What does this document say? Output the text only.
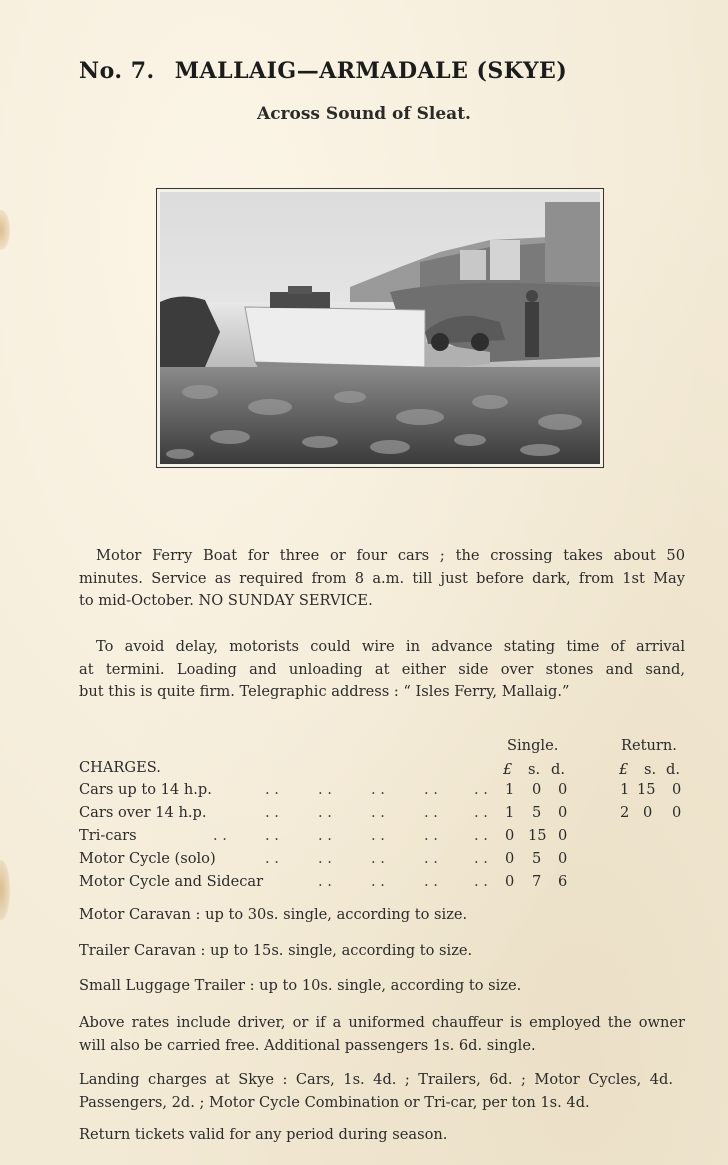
No. 7. MALLAIG—ARMADALE (SKYE)
Across Sound of Sleat.
Motor Ferry Boat for three or four cars ; the crossing takes about 50
minutes. Service as required from 8 a.m. till just before dark, from 1st May
to mid-October. NO SUNDAY SERVICE.
To avoid delay, motorists could wire in advance stating time of arrival
at termini. Loading and unloading at either side over stones and sand,
but this is quite firm. Telegraphic address : “ Isles Ferry, Mallaig.”
Single.	Return.
CHARGES.	£ s. d.	£ s. d.
Cars up to 14 h.p.	. .	. .	. .	. . . . 1 0 0	1 15 0
Cars over 14 h.p.	. .	. .	. .	. . . . 1 5 0	2 0 0
Tri-cars	. .	. .	. .	. .	. . . . 0 15 0
Motor Cycle (solo)	. .	. .	. .	. . . . 0 5 0
Motor Cycle and Sidecar	. .	. .	. . . . 0 7 6
Motor Caravan : up to 30s. single, according to size.
Trailer Caravan : up to 15s. single, according to size.
Small Luggage Trailer : up to 10s. single, according to size.
Above rates include driver, or if a uniformed chauffeur is employed the owner
will also be carried free. Additional passengers 1s. 6d. single.
Landing charges at Skye : Cars, 1s. 4d. ; Trailers, 6d. ; Motor Cycles, 4d.
Passengers, 2d. ; Motor Cycle Combination or Tri-car, per ton 1s. 4d.
Return tickets valid for any period during season.
